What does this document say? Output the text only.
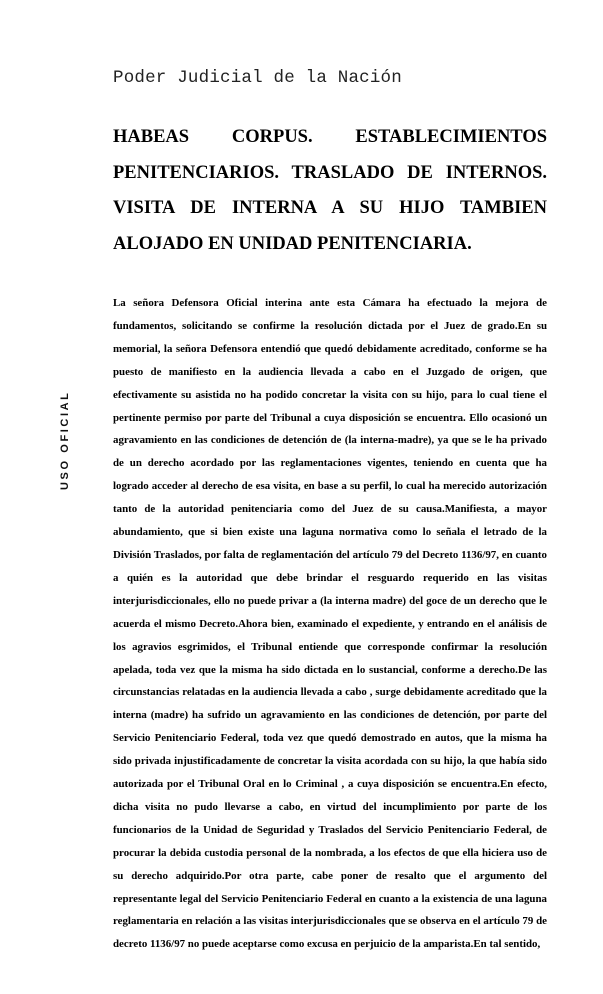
Poder Judicial de la Nación
USO OFICIAL
HABEAS CORPUS. ESTABLECIMIENTOS PENITENCIARIOS. TRASLADO DE INTERNOS. VISITA DE INTERNA A SU HIJO TAMBIEN ALOJADO EN UNIDAD PENITENCIARIA.

La señora Defensora Oficial interina ante esta Cámara ha efectuado la mejora de fundamentos, solicitando se confirme la resolución dictada por el Juez de grado.En su memorial, la señora Defensora entendió que quedó debidamente acreditado, conforme se ha puesto de manifiesto en la audiencia llevada a cabo en el Juzgado de origen, que efectivamente su asistida no ha podido concretar la visita con su hijo, para lo cual tiene el pertinente permiso por parte del Tribunal a cuya disposición se encuentra. Ello ocasionó un agravamiento en las condiciones de detención de (la interna-madre), ya que se le ha privado de un derecho acordado por las reglamentaciones vigentes, teniendo en cuenta que ha logrado acceder al derecho de esa visita, en base a su perfil, lo cual ha merecido autorización tanto de la autoridad penitenciaria como del Juez de su causa.Manifiesta, a mayor abundamiento, que si bien existe una laguna normativa como lo señala el letrado de la División Traslados, por falta de reglamentación del artículo 79 del Decreto 1136/97, en cuanto a quién es la autoridad que debe brindar el resguardo requerido en las visitas interjurisdiccionales, ello no puede privar a (la interna madre) del goce de un derecho que le acuerda el mismo Decreto.Ahora bien, examinado el expediente, y entrando en el análisis de los agravios esgrimidos, el Tribunal entiende que corresponde confirmar la resolución apelada, toda vez que la misma ha sido dictada en lo sustancial, conforme a derecho.De las circunstancias relatadas en la audiencia llevada a cabo , surge debidamente acreditado que la interna (madre) ha sufrido un agravamiento en las condiciones de detención, por parte del Servicio Penitenciario Federal, toda vez que quedó demostrado en autos, que la misma ha sido privada injustificadamente de concretar la visita acordada con su hijo, la que había sido autorizada por el Tribunal Oral en lo Criminal , a cuya disposición se encuentra.En efecto, dicha visita no pudo llevarse a cabo, en virtud del incumplimiento por parte de los funcionarios de la Unidad de Seguridad y Traslados del Servicio Penitenciario Federal, de procurar la debida custodia personal de la nombrada, a los efectos de que ella hiciera uso de su derecho adquirido.Por otra parte, cabe poner de resalto que el argumento del representante legal del Servicio Penitenciario Federal en cuanto a la existencia de una laguna reglamentaria en relación a las visitas interjurisdiccionales que se observa en el artículo 79 de decreto 1136/97 no puede aceptarse como excusa en perjuicio de la amparista.En tal sentido,
